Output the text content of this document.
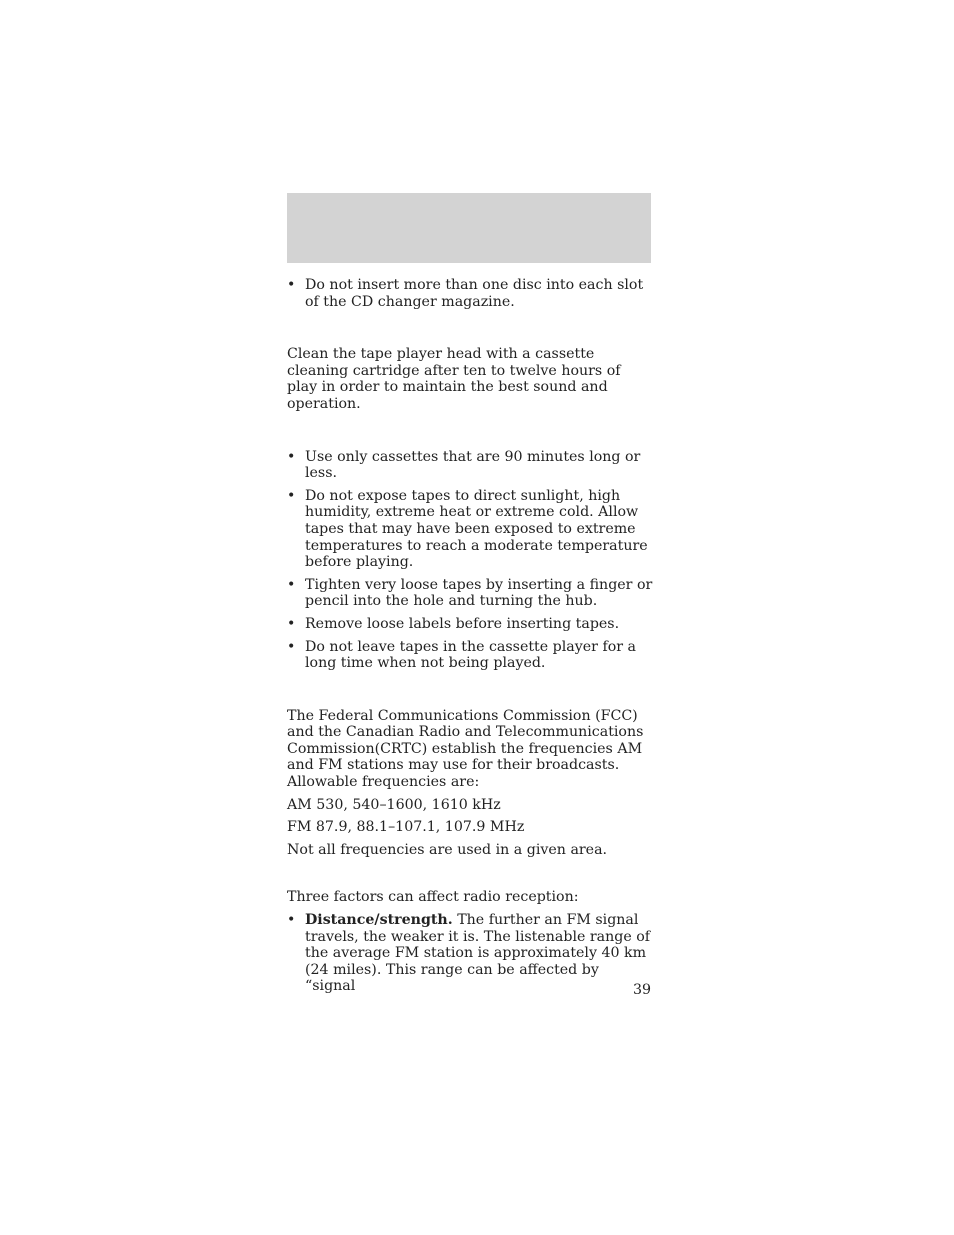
• Do not insert more than one disc into each slot of the CD changer magazine.

Clean the tape player head with a cassette cleaning cartridge after ten to twelve hours of play in order to maintain the best sound and operation.

• Use only cassettes that are 90 minutes long or less.
• Do not expose tapes to direct sunlight, high humidity, extreme heat or extreme cold. Allow tapes that may have been exposed to extreme temperatures to reach a moderate temperature before playing.
• Tighten very loose tapes by inserting a finger or pencil into the hole and turning the hub.
• Remove loose labels before inserting tapes.
• Do not leave tapes in the cassette player for a long time when not being played.

The Federal Communications Commission (FCC) and the Canadian Radio and Telecommunications Commission(CRTC) establish the frequencies AM and FM stations may use for their broadcasts. Allowable frequencies are:

AM 530, 540–1600, 1610 kHz

FM 87.9, 88.1–107.1, 107.9 MHz

Not all frequencies are used in a given area.

Three factors can affect radio reception:

• Distance/strength. The further an FM signal travels, the weaker it is. The listenable range of the average FM station is approximately 40 km (24 miles). This range can be affected by “signal	39
